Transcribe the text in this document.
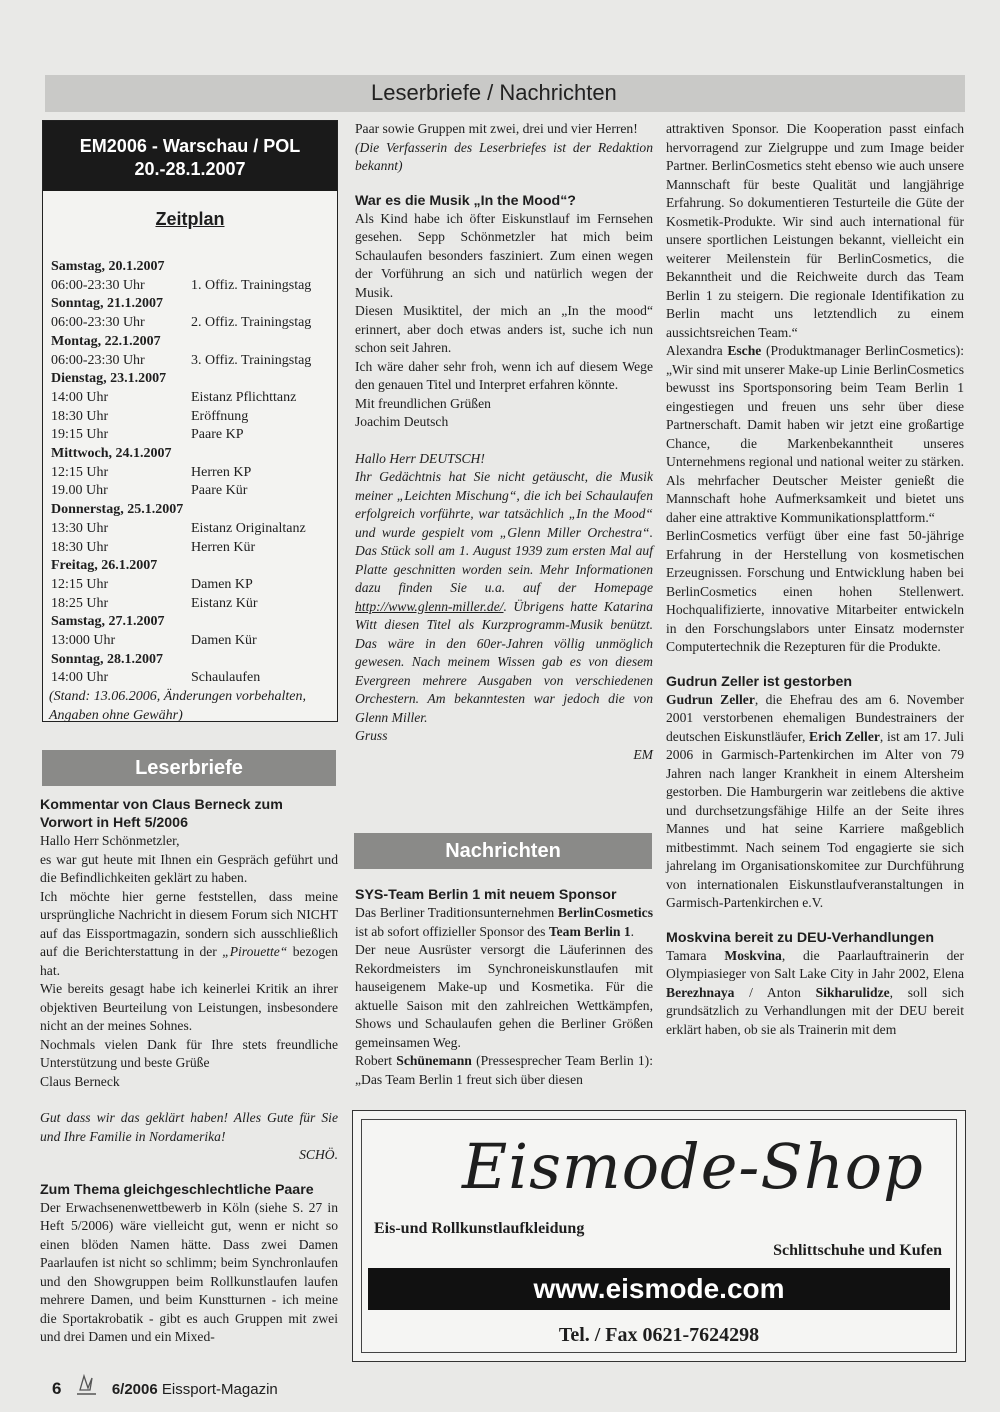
Leserbriefe / Nachrichten
EM2006 - Warschau / POL
20.-28.1.2007
Zeitplan
Samstag, 20.1.2007
06:00-23:30 Uhr	1. Offiz. Trainingstag
Sonntag, 21.1.2007
06:00-23:30 Uhr	2. Offiz. Trainingstag
Montag, 22.1.2007
06:00-23:30 Uhr	3. Offiz. Trainingstag
Dienstag, 23.1.2007
14:00 Uhr	Eistanz Pflichttanz
18:30 Uhr	Eröffnung
19:15 Uhr	Paare KP
Mittwoch, 24.1.2007
12:15 Uhr	Herren KP
19.00 Uhr	Paare Kür
Donnerstag, 25.1.2007
13:30 Uhr	Eistanz Originaltanz
18:30 Uhr	Herren Kür
Freitag, 26.1.2007
12:15 Uhr	Damen KP
18:25 Uhr	Eistanz Kür
Samstag, 27.1.2007
13:000 Uhr	Damen Kür
Sonntag, 28.1.2007
14:00 Uhr	Schaulaufen
(Stand: 13.06.2006, Änderungen vorbehalten, Angaben ohne Gewähr)
Leserbriefe

Kommentar von Claus Berneck zum Vorwort in Heft 5/2006

Hallo Herr Schönmetzler,

es war gut heute mit Ihnen ein Gespräch geführt und die Befindlichkeiten geklärt zu haben.

Ich möchte hier gerne feststellen, dass meine ursprüngliche Nachricht in diesem Forum sich NICHT auf das Eissportmagazin, sondern sich ausschließlich auf die Berichterstattung in der „Pirouette“ bezogen hat.

Wie bereits gesagt habe ich keinerlei Kritik an ihrer objektiven Beurteilung von Leistungen, insbesondere nicht an der meines Sohnes.

Nochmals vielen Dank für Ihre stets freundliche Unterstützung und beste Grüße

Claus Berneck

Gut dass wir das geklärt haben! Alles Gute für Sie und Ihre Familie in Nordamerika!

SCHÖ.

Zum Thema gleichgeschlechtliche Paare

Der Erwachsenenwettbewerb in Köln (siehe S. 27 in Heft 5/2006) wäre vielleicht gut, wenn er nicht so einen blöden Namen hätte. Dass zwei Damen Paarlaufen ist nicht so schlimm; beim Synchronlaufen und den Showgruppen beim Rollkunstlaufen laufen mehrere Damen, und beim Kunstturnen - ich meine die Sportakrobatik - gibt es auch Gruppen mit zwei und drei Damen und ein Mixed-

Paar sowie Gruppen mit zwei, drei und vier Herren!

(Die Verfasserin des Leserbriefes ist der Redaktion bekannt)

War es die Musik „In the Mood“?

Als Kind habe ich öfter Eiskunstlauf im Fernsehen gesehen. Sepp Schönmetzler hat mich beim Schaulaufen besonders fasziniert. Zum einen wegen der Vorführung an sich und natürlich wegen der Musik.

Diesen Musiktitel, der mich an „In the mood“ erinnert, aber doch etwas anders ist, suche ich nun schon seit Jahren.

Ich wäre daher sehr froh, wenn ich auf diesem Wege den genauen Titel und Interpret erfahren könnte.

Mit freundlichen Grüßen

Joachim Deutsch

Hallo Herr DEUTSCH!

Ihr Gedächtnis hat Sie nicht getäuscht, die Musik meiner „Leichten Mischung“, die ich bei Schaulaufen erfolgreich vorführte, war tatsächlich „In the Mood“ und wurde gespielt vom „Glenn Miller Orchestra“. Das Stück soll am 1. August 1939 zum ersten Mal auf Platte geschnitten worden sein. Mehr Informationen dazu finden Sie u.a. auf der Homepage http://www.glenn-miller.de/. Übrigens hatte Katarina Witt diesen Titel als Kurzprogramm-Musik benützt. Das wäre in den 60er-Jahren völlig unmöglich gewesen. Nach meinem Wissen gab es von diesem Evergreen mehrere Ausgaben von verschiedenen Orchestern. Am bekanntesten war jedoch die von Glenn Miller.

Gruss

EM

Nachrichten

SYS-Team Berlin 1 mit neuem Sponsor

Das Berliner Traditionsunternehmen BerlinCosmetics ist ab sofort offizieller Sponsor des Team Berlin 1.

Der neue Ausrüster versorgt die Läuferinnen des Rekordmeisters im Synchroneiskunstlaufen mit hauseigenem Make-up und Kosmetika. Für die aktuelle Saison mit den zahlreichen Wettkämpfen, Shows und Schaulaufen gehen die Berliner Größen gemeinsamen Weg.

Robert Schünemann (Pressesprecher Team Berlin 1): „Das Team Berlin 1 freut sich über diesen

attraktiven Sponsor. Die Kooperation passt einfach hervorragend zur Zielgruppe und zum Image beider Partner. BerlinCosmetics steht ebenso wie auch unsere Mannschaft für beste Qualität und langjährige Erfahrung. So dokumentieren Testurteile die Güte der Kosmetik-Produkte. Wir sind auch international für unsere sportlichen Leistungen bekannt, vielleicht ein weiterer Meilenstein für BerlinCosmetics, die Bekanntheit und die Reichweite durch das Team Berlin 1 zu steigern. Die regionale Identifikation zu Berlin macht uns letztendlich zu einem aussichtsreichen Team.“

Alexandra Esche (Produktmanager BerlinCosmetics): „Wir sind mit unserer Make-up Linie BerlinCosmetics bewusst ins Sportsponsoring beim Team Berlin 1 eingestiegen und freuen uns sehr über diese Partnerschaft. Damit haben wir jetzt eine großartige Chance, die Markenbekanntheit unseres Unternehmens regional und national weiter zu stärken. Als mehrfacher Deutscher Meister genießt die Mannschaft hohe Aufmerksamkeit und bietet uns daher eine attraktive Kommunikationsplattform.“

BerlinCosmetics verfügt über eine fast 50-jährige Erfahrung in der Herstellung von kosmetischen Erzeugnissen. Forschung und Entwicklung haben bei BerlinCosmetics einen hohen Stellenwert. Hochqualifizierte, innovative Mitarbeiter entwickeln in den Forschungslabors unter Einsatz modernster Computertechnik die Rezepturen für die Produkte.

Gudrun Zeller ist gestorben

Gudrun Zeller, die Ehefrau des am 6. November 2001 verstorbenen ehemaligen Bundestrainers der deutschen Eiskunstläufer, Erich Zeller, ist am 17. Juli 2006 in Garmisch-Partenkirchen im Alter von 79 Jahren nach langer Krankheit in einem Altersheim gestorben. Die Hamburgerin war zeitlebens die aktive und durchsetzungsfähige Hilfe an der Seite ihres Mannes und hat seine Karriere maßgeblich mitbestimmt. Nach seinem Tod engagierte sie sich jahrelang im Organisationskomitee zur Durchführung von internationalen Eiskunstlaufveranstaltungen in Garmisch-Partenkirchen e.V.

Moskvina bereit zu DEU-Verhandlungen

Tamara Moskvina, die Paarlauftrainerin der Olympiasieger von Salt Lake City in Jahr 2002, Elena Berezhnaya / Anton Sikharulidze, soll sich grundsätzlich zu Verhandlungen mit der DEU bereit erklärt haben, ob sie als Trainerin mit dem

Eismode-Shop
Eis-und Rollkunstlaufkleidung
Schlittschuhe und Kufen
www.eismode.com
Tel. / Fax 0621-7624298
6	6/2006 Eissport-Magazin
